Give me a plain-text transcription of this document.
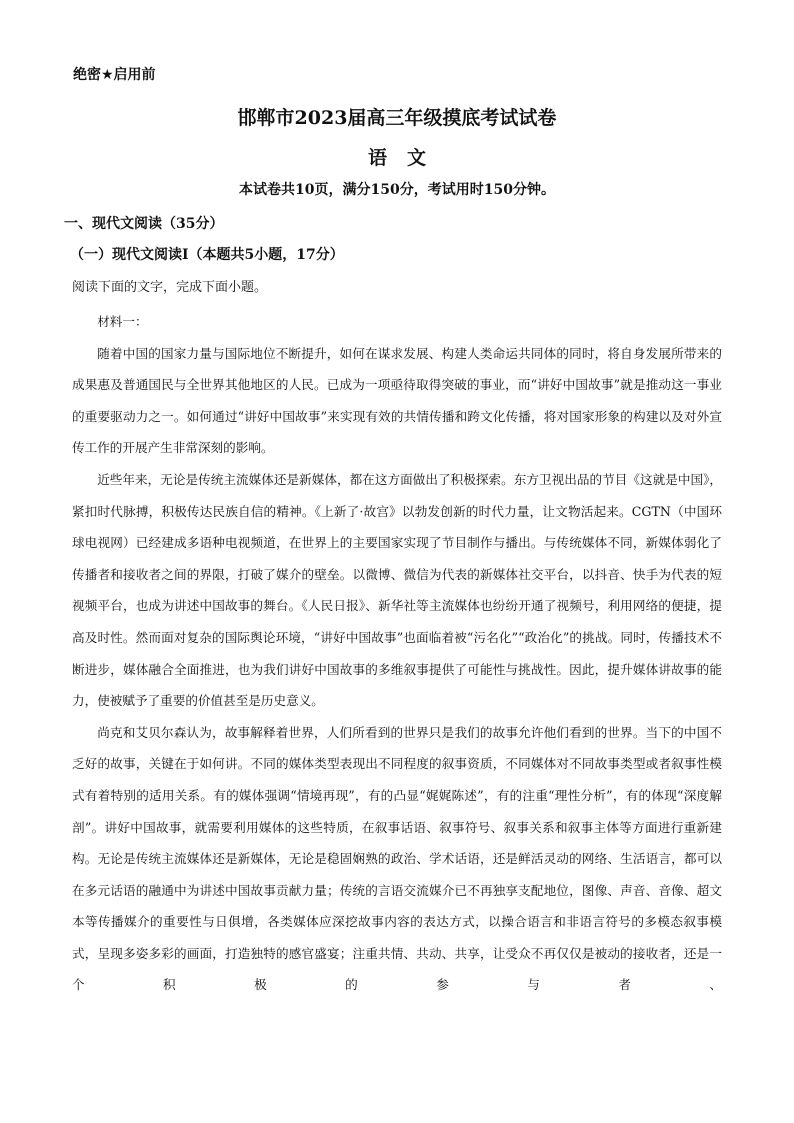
绝密★启用前
邯郸市2023届高三年级摸底考试试卷
语文
本试卷共10页，满分150分，考试用时150分钟。
一、现代文阅读（35分）
（一）现代文阅读Ⅰ（本题共5小题，17分）
阅读下面的文字，完成下面小题。

材料一：

随着中国的国家力量与国际地位不断提升，如何在谋求发展、构建人类命运共同体的同时，将自身发展所带来的成果惠及普通国民与全世界其他地区的人民。已成为一项亟待取得突破的事业，而“讲好中国故事”就是推动这一事业的重要驱动力之一。如何通过“讲好中国故事”来实现有效的共情传播和跨文化传播，将对国家形象的构建以及对外宣传工作的开展产生非常深刻的影响。

近些年来，无论是传统主流媒体还是新媒体，都在这方面做出了积极探索。东方卫视出品的节目《这就是中国》，紧扣时代脉搏，积极传达民族自信的精神。《上新了·故宫》以勃发创新的时代力量，让文物活起来。CGTN（中国环球电视网）已经建成多语种电视频道，在世界上的主要国家实现了节目制作与播出。与传统媒体不同，新媒体弱化了传播者和接收者之间的界限，打破了媒介的壁垒。以微博、微信为代表的新媒体社交平台，以抖音、快手为代表的短视频平台，也成为讲述中国故事的舞台。《人民日报》、新华社等主流媒体也纷纷开通了视频号，利用网络的便捷，提高及时性。然而面对复杂的国际舆论环境，“讲好中国故事”也面临着被“污名化”“政治化”的挑战。同时，传播技术不断进步，媒体融合全面推进，也为我们讲好中国故事的多维叙事提供了可能性与挑战性。因此，提升媒体讲故事的能力，使被赋予了重要的价值甚至是历史意义。

尚克和艾贝尔森认为，故事解释着世界，人们所看到的世界只是我们的故事允许他们看到的世界。当下的中国不乏好的故事，关键在于如何讲。不同的媒体类型表现出不同程度的叙事资质，不同媒体对不同故事类型或者叙事性模式有着特别的适用关系。有的媒体强调“情境再现”，有的凸显“娓娓陈述”，有的注重“理性分析”，有的体现“深度解剖”。讲好中国故事，就需要利用媒体的这些特质，在叙事话语、叙事符号、叙事关系和叙事主体等方面进行重新建构。无论是传统主流媒体还是新媒体，无论是稳固娴熟的政治、学术话语，还是鲜活灵动的网络、生活语言，都可以在多元话语的融通中为讲述中国故事贡献力量；传统的言语交流媒介已不再独享支配地位，图像、声音、音像、超文本等传播媒介的重要性与日俱增，各类媒体应深挖故事内容的表达方式，以操合语言和非语言符号的多模态叙事模式，呈现多姿多彩的画面，打造独特的感官盛宴；注重共情、共动、共享，让受众不再仅仅是被动的接收者，还是一个积极的参与者、
